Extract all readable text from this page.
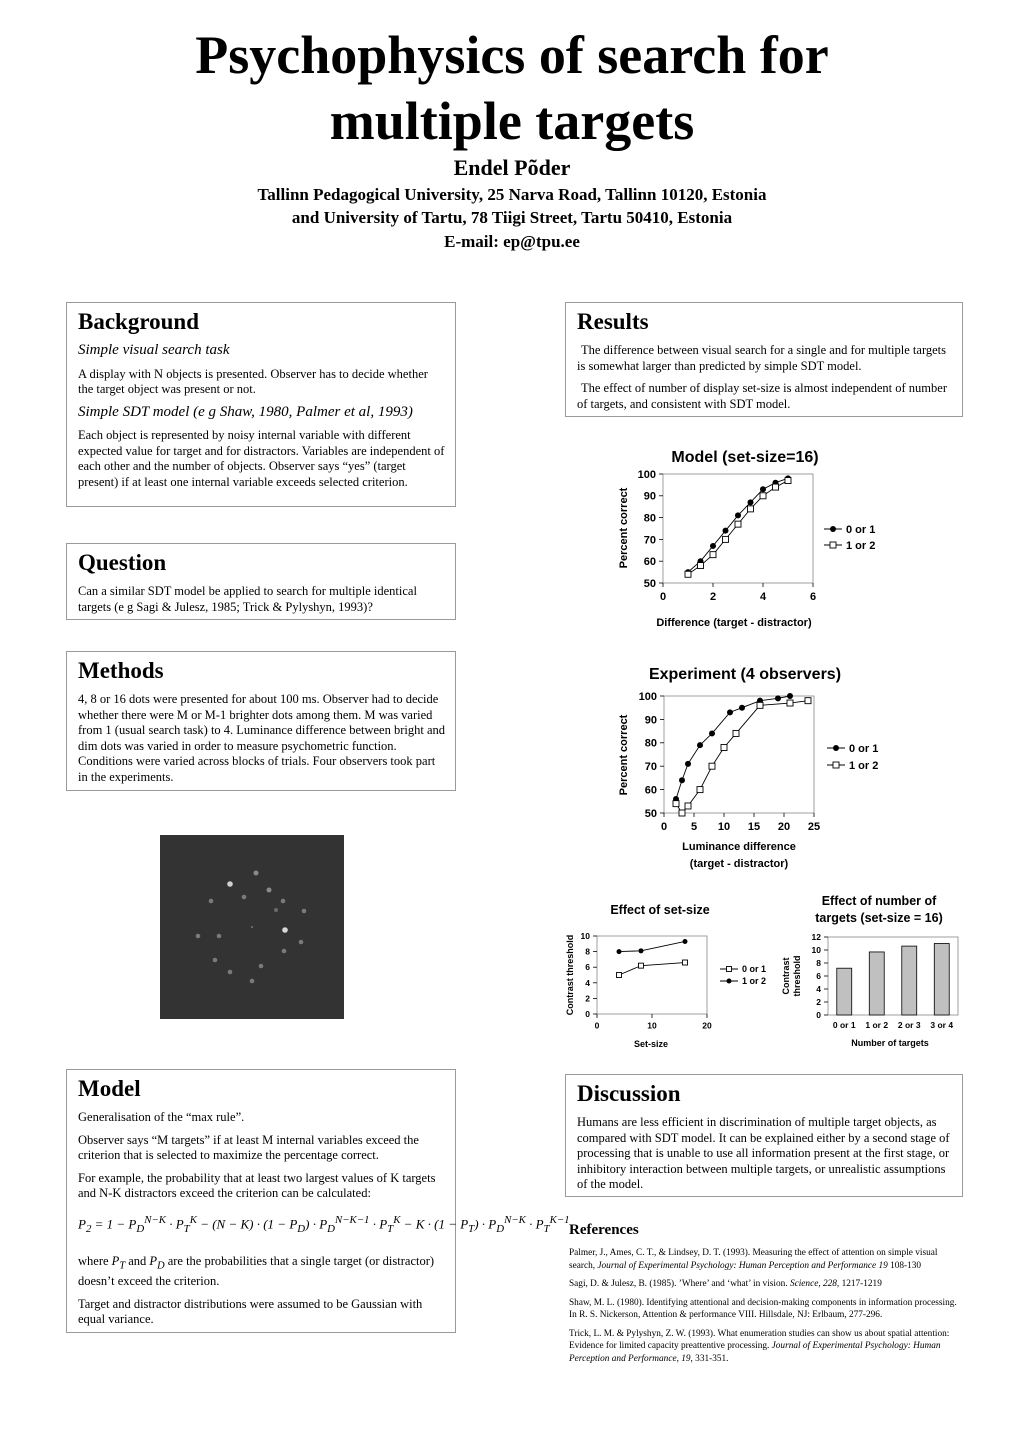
Psychophysics of search for
multiple targets
Endel Põder
Tallinn Pedagogical University, 25 Narva Road, Tallinn 10120, Estonia
and University of Tartu, 78 Tiigi Street, Tartu 50410, Estonia
E-mail: ep@tpu.ee
Background

Simple visual search task

A display with N objects is presented. Observer has to decide whether the target object was present or not.

Simple SDT model (e g Shaw, 1980, Palmer et al, 1993)

Each object is represented by noisy internal variable with different expected value for target and for distractors. Variables are independent of each other and the number of objects. Observer says “yes” (target present) if at least one internal variable exceeds selected criterion.

Question

Can a similar SDT model be applied to search for multiple identical targets (e g Sagi & Julesz, 1985; Trick & Pylyshyn, 1993)?

Methods

4, 8 or 16 dots were presented for about 100 ms. Observer had to decide whether there were M or M-1 brighter dots among them. M was varied from 1 (usual search task) to 4. Luminance difference between bright and dim dots was varied in order to measure psychometric function. Conditions were varied across blocks of trials. Four observers took part in the experiments.

Model

Generalisation of the “max rule”.

Observer says “M targets” if at least M internal variables exceed the criterion that is selected to maximize the percentage correct.

For example, the probability that at least two largest values of K targets and N-K distractors exceed the criterion can be calculated:

$P_2 = 1 - P_D^{N-K} \cdot P_T^K - (N - K) \cdot (1 - P_D) \cdot P_D^{N-K-1} \cdot P_T^K - K \cdot (1 - P_T) \cdot P_D^{N-K} \cdot P_T^{K-1}$

where $P_T$ and $P_D$ are the probabilities that a single target (or distractor) doesn’t exceed the criterion.

Target and distractor distributions were assumed to be Gaussian with equal variance.

Results

The difference between visual search for a single and for multiple targets is somewhat larger than predicted by simple SDT model.

The effect of number of display set-size is almost independent of number of targets, and consistent with SDT model.

Model (set-size=16)
Difference (target - distractor)
Percent correct
50
60
70
80
90
100
0	2	4	6
0 or 1
1 or 2
Experiment (4 observers)
Luminance difference
(target - distractor)
Percent correct
50
60
70
80
90
100
0 5 10 15 20 25
0 or 1
1 or 2
Effect of set-size
Set-size
Contrast threshold 0
2
4
6
8
10
0	10	20
0 or 1
1 or 2
Effect of number of
targets (set-size = 16)
Number of targets
Contrast threshold
0
2
4
6
8
10
12
0 or 1 1 or 2 2 or 3 3 or 4
Discussion

Humans are less efficient in discrimination of multiple target objects, as compared with SDT model. It can be explained either by a second stage of processing that is unable to use all information present at the first stage, or inhibitory interaction between multiple targets, or unrealistic assumptions of the model.

References

Palmer, J., Ames, C. T., & Lindsey, D. T. (1993). Measuring the effect of attention on simple visual search, Journal of Experimental Psychology: Human Perception and Performance 19 108-130

Sagi, D. & Julesz, B. (1985). ’Where’ and ‘what’ in vision. Science, 228, 1217-1219

Shaw, M. L. (1980). Identifying attentional and decision-making components in information processing. In R. S. Nickerson, Attention & performance VIII. Hillsdale, NJ: Erlbaum, 277-296.

Trick, L. M. & Pylyshyn, Z. W. (1993). What enumeration studies can show us about spatial attention: Evidence for limited capacity preattentive processing. Journal of Experimental Psychology: Human Perception and Performance, 19, 331-351.
